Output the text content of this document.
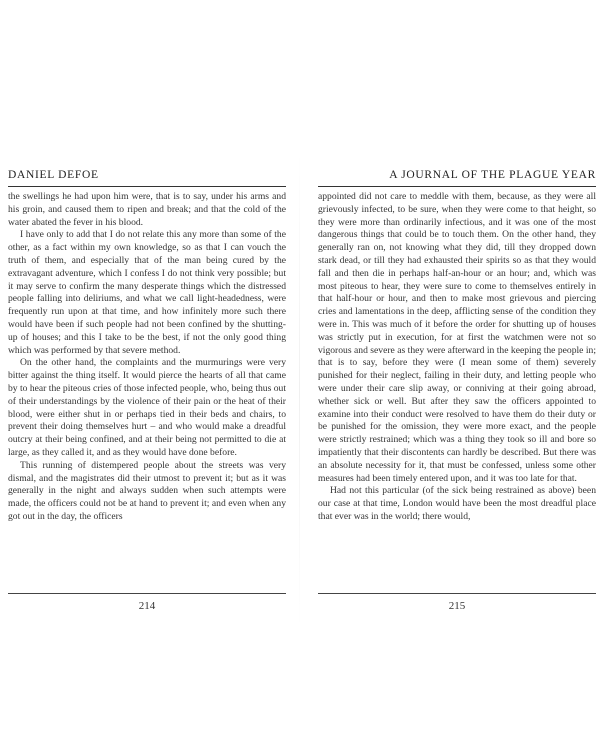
DANIEL DEFOE

the swellings he had upon him were, that is to say, under his arms and his groin, and caused them to ripen and break; and that the cold of the water abated the fever in his blood.

I have only to add that I do not relate this any more than some of the other, as a fact within my own knowledge, so as that I can vouch the truth of them, and especially that of the man being cured by the extravagant adventure, which I confess I do not think very possible; but it may serve to confirm the many desperate things which the distressed people falling into deliriums, and what we call light-headedness, were frequently run upon at that time, and how infinitely more such there would have been if such people had not been confined by the shutting-up of houses; and this I take to be the best, if not the only good thing which was performed by that severe method.

On the other hand, the complaints and the murmurings were very bitter against the thing itself. It would pierce the hearts of all that came by to hear the piteous cries of those infected people, who, being thus out of their understandings by the violence of their pain or the heat of their blood, were either shut in or perhaps tied in their beds and chairs, to prevent their doing themselves hurt – and who would make a dreadful outcry at their being confined, and at their being not permitted to die at large, as they called it, and as they would have done before.

This running of distempered people about the streets was very dismal, and the magistrates did their utmost to prevent it; but as it was generally in the night and always sudden when such attempts were made, the officers could not be at hand to prevent it; and even when any got out in the day, the officers

214
A JOURNAL OF THE PLAGUE YEAR

appointed did not care to meddle with them, because, as they were all grievously infected, to be sure, when they were come to that height, so they were more than ordinarily infectious, and it was one of the most dangerous things that could be to touch them. On the other hand, they generally ran on, not knowing what they did, till they dropped down stark dead, or till they had exhausted their spirits so as that they would fall and then die in perhaps half-an-hour or an hour; and, which was most piteous to hear, they were sure to come to themselves entirely in that half-hour or hour, and then to make most grievous and piercing cries and lamentations in the deep, afflicting sense of the condition they were in. This was much of it before the order for shutting up of houses was strictly put in execution, for at first the watchmen were not so vigorous and severe as they were afterward in the keeping the people in; that is to say, before they were (I mean some of them) severely punished for their neglect, failing in their duty, and letting people who were under their care slip away, or conniving at their going abroad, whether sick or well. But after they saw the officers appointed to examine into their conduct were resolved to have them do their duty or be punished for the omission, they were more exact, and the people were strictly restrained; which was a thing they took so ill and bore so impatiently that their discontents can hardly be described. But there was an absolute necessity for it, that must be confessed, unless some other measures had been timely entered upon, and it was too late for that.

Had not this particular (of the sick being restrained as above) been our case at that time, London would have been the most dreadful place that ever was in the world; there would,

215
